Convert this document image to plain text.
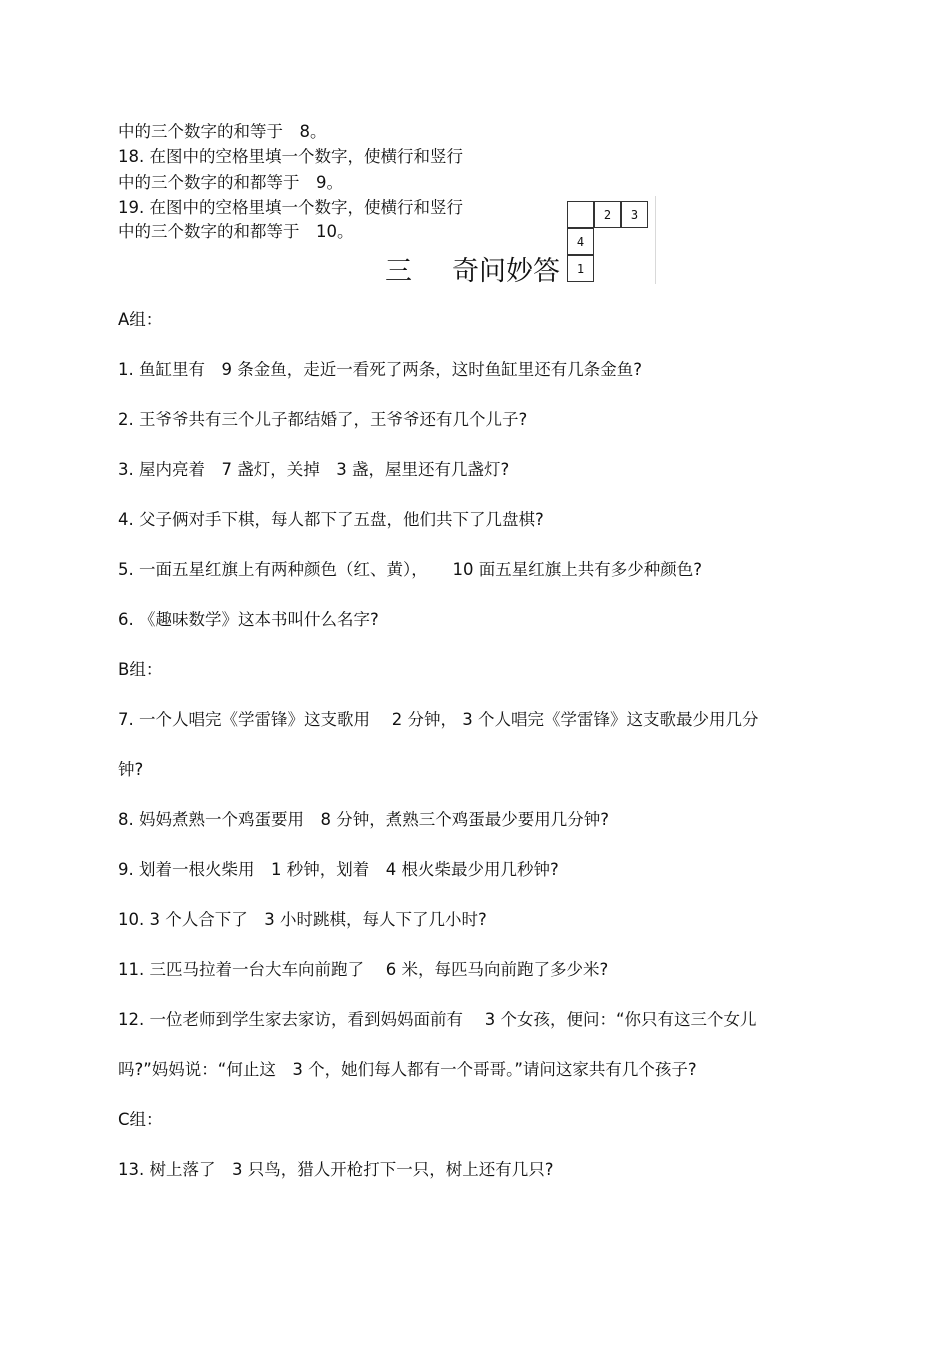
中的三个数字的和等于　8。
18. 在图中的空格里填一个数字，使横行和竖行
中的三个数字的和都等于　9。
19. 在图中的空格里填一个数字，使横行和竖行
中的三个数字的和都等于　10。
2	3
4
1
三 奇问妙答
A组：
1. 鱼缸里有　9 条金鱼，走近一看死了两条，这时鱼缸里还有几条金鱼?
2. 王爷爷共有三个儿子都结婚了，王爷爷还有几个儿子?
3. 屋内亮着　7 盏灯，关掉　3 盏，屋里还有几盏灯?
4. 父子俩对手下棋，每人都下了五盘，他们共下了几盘棋?
5. 一面五星红旗上有两种颜色（红、黄），　　10 面五星红旗上共有多少种颜色?
6. 《趣味数学》这本书叫什么名字?
B组：
7. 一个人唱完《学雷锋》这支歌用　 2 分钟， 3 个人唱完《学雷锋》这支歌最少用几分
钟?
8. 妈妈煮熟一个鸡蛋要用　8 分钟，煮熟三个鸡蛋最少要用几分钟?
9. 划着一根火柴用　1 秒钟，划着　4 根火柴最少用几秒钟?
10. 3 个人合下了　3 小时跳棋，每人下了几小时?
11. 三匹马拉着一台大车向前跑了　 6 米，每匹马向前跑了多少米?
12. 一位老师到学生家去家访，看到妈妈面前有　 3 个女孩，便问：“你只有这三个女儿
吗?”妈妈说：“何止这　3 个，她们每人都有一个哥哥。”请问这家共有几个孩子?
C组：
13. 树上落了　3 只鸟，猎人开枪打下一只，树上还有几只?
